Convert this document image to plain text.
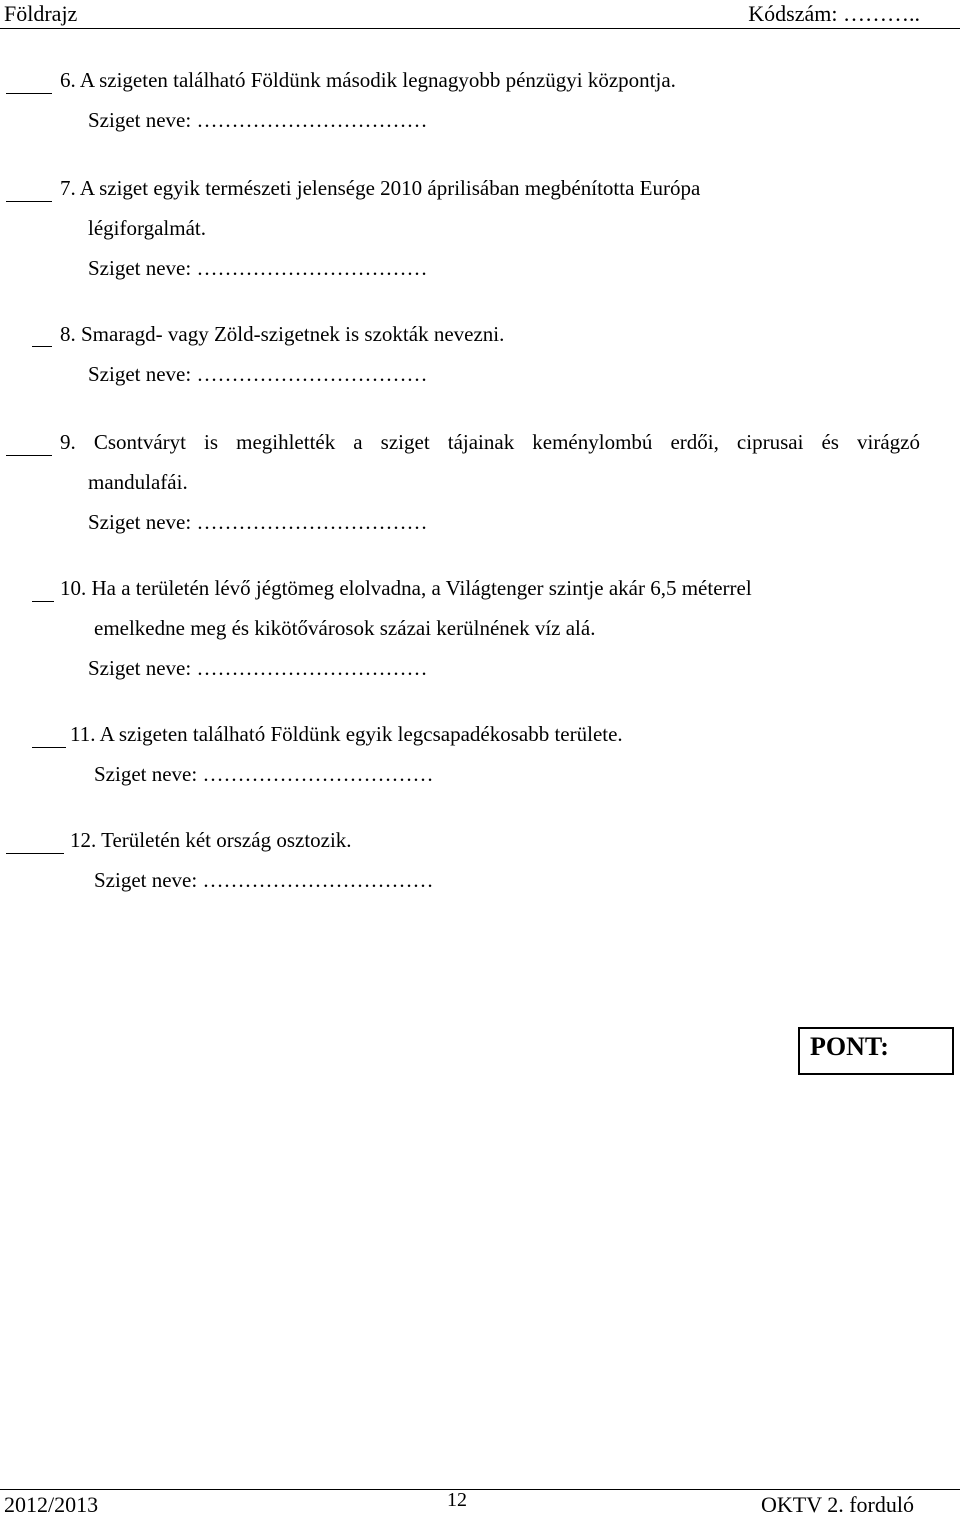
Földrajz	Kódszám: ………..
6. A szigeten található Földünk második legnagyobb pénzügyi központja.
Sziget neve: ……………………………
7. A sziget egyik természeti jelensége 2010 áprilisában megbénította Európa
légiforgalmát.
Sziget neve: ……………………………
8. Smaragd- vagy Zöld-szigetnek is szokták nevezni.
Sziget neve: ……………………………
9. Csontváryt is megihlették a sziget tájainak keménylombú erdői, ciprusai és virágzó
mandulafái.
Sziget neve: ……………………………
10. Ha a területén lévő jégtömeg elolvadna, a Világtenger szintje akár 6,5 méterrel
emelkedne meg és kikötővárosok százai kerülnének víz alá.
Sziget neve: ……………………………
11. A szigeten található Földünk egyik legcsapadékosabb területe.
Sziget neve: ……………………………
12. Területén két ország osztozik.
Sziget neve: ……………………………
PONT:
2012/2013	12	OKTV 2. forduló
